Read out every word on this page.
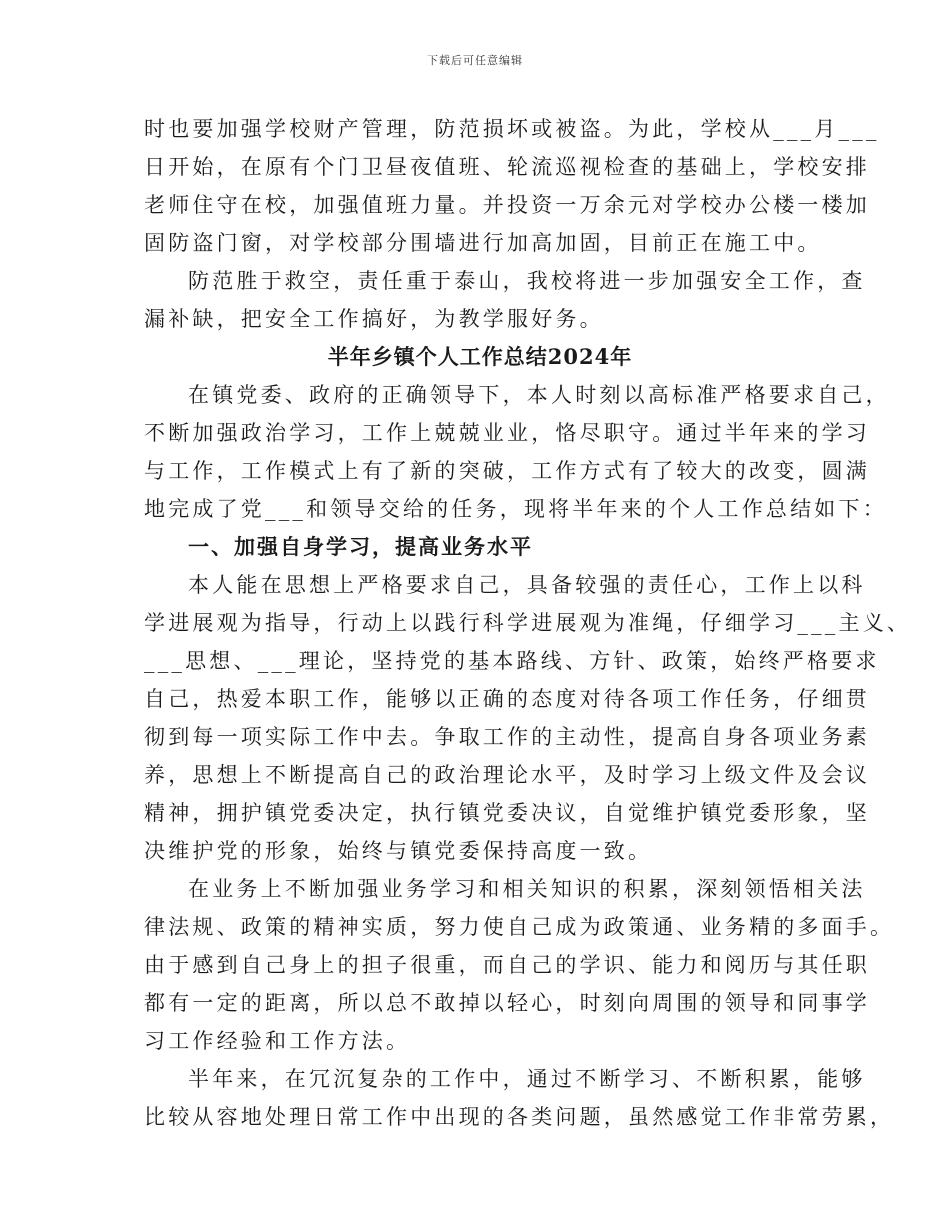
下载后可任意编辑
时也要加强学校财产管理，防范损坏或被盗。为此，学校从___月___
日开始，在原有个门卫昼夜值班、轮流巡视检查的基础上，学校安排
老师住守在校，加强值班力量。并投资一万余元对学校办公楼一楼加
固防盗门窗，对学校部分围墙进行加高加固，目前正在施工中。
防范胜于救空，责任重于泰山，我校将进一步加强安全工作，查
漏补缺，把安全工作搞好，为教学服好务。
半年乡镇个人工作总结2024年
在镇党委、政府的正确领导下，本人时刻以高标准严格要求自己，
不断加强政治学习，工作上兢兢业业，恪尽职守。通过半年来的学习
与工作，工作模式上有了新的突破，工作方式有了较大的改变，圆满
地完成了党___和领导交给的任务，现将半年来的个人工作总结如下：
一、加强自身学习，提高业务水平
本人能在思想上严格要求自己，具备较强的责任心，工作上以科
学进展观为指导，行动上以践行科学进展观为准绳，仔细学习___主义、
___思想、___理论，坚持党的基本路线、方针、政策，始终严格要求
自己，热爱本职工作，能够以正确的态度对待各项工作任务，仔细贯
彻到每一项实际工作中去。争取工作的主动性，提高自身各项业务素
养，思想上不断提高自己的政治理论水平，及时学习上级文件及会议
精神，拥护镇党委决定，执行镇党委决议，自觉维护镇党委形象，坚
决维护党的形象，始终与镇党委保持高度一致。
在业务上不断加强业务学习和相关知识的积累，深刻领悟相关法
律法规、政策的精神实质，努力使自己成为政策通、业务精的多面手。
由于感到自己身上的担子很重，而自己的学识、能力和阅历与其任职
都有一定的距离，所以总不敢掉以轻心，时刻向周围的领导和同事学
习工作经验和工作方法。
半年来，在冗沉复杂的工作中，通过不断学习、不断积累，能够
比较从容地处理日常工作中出现的各类问题，虽然感觉工作非常劳累，
